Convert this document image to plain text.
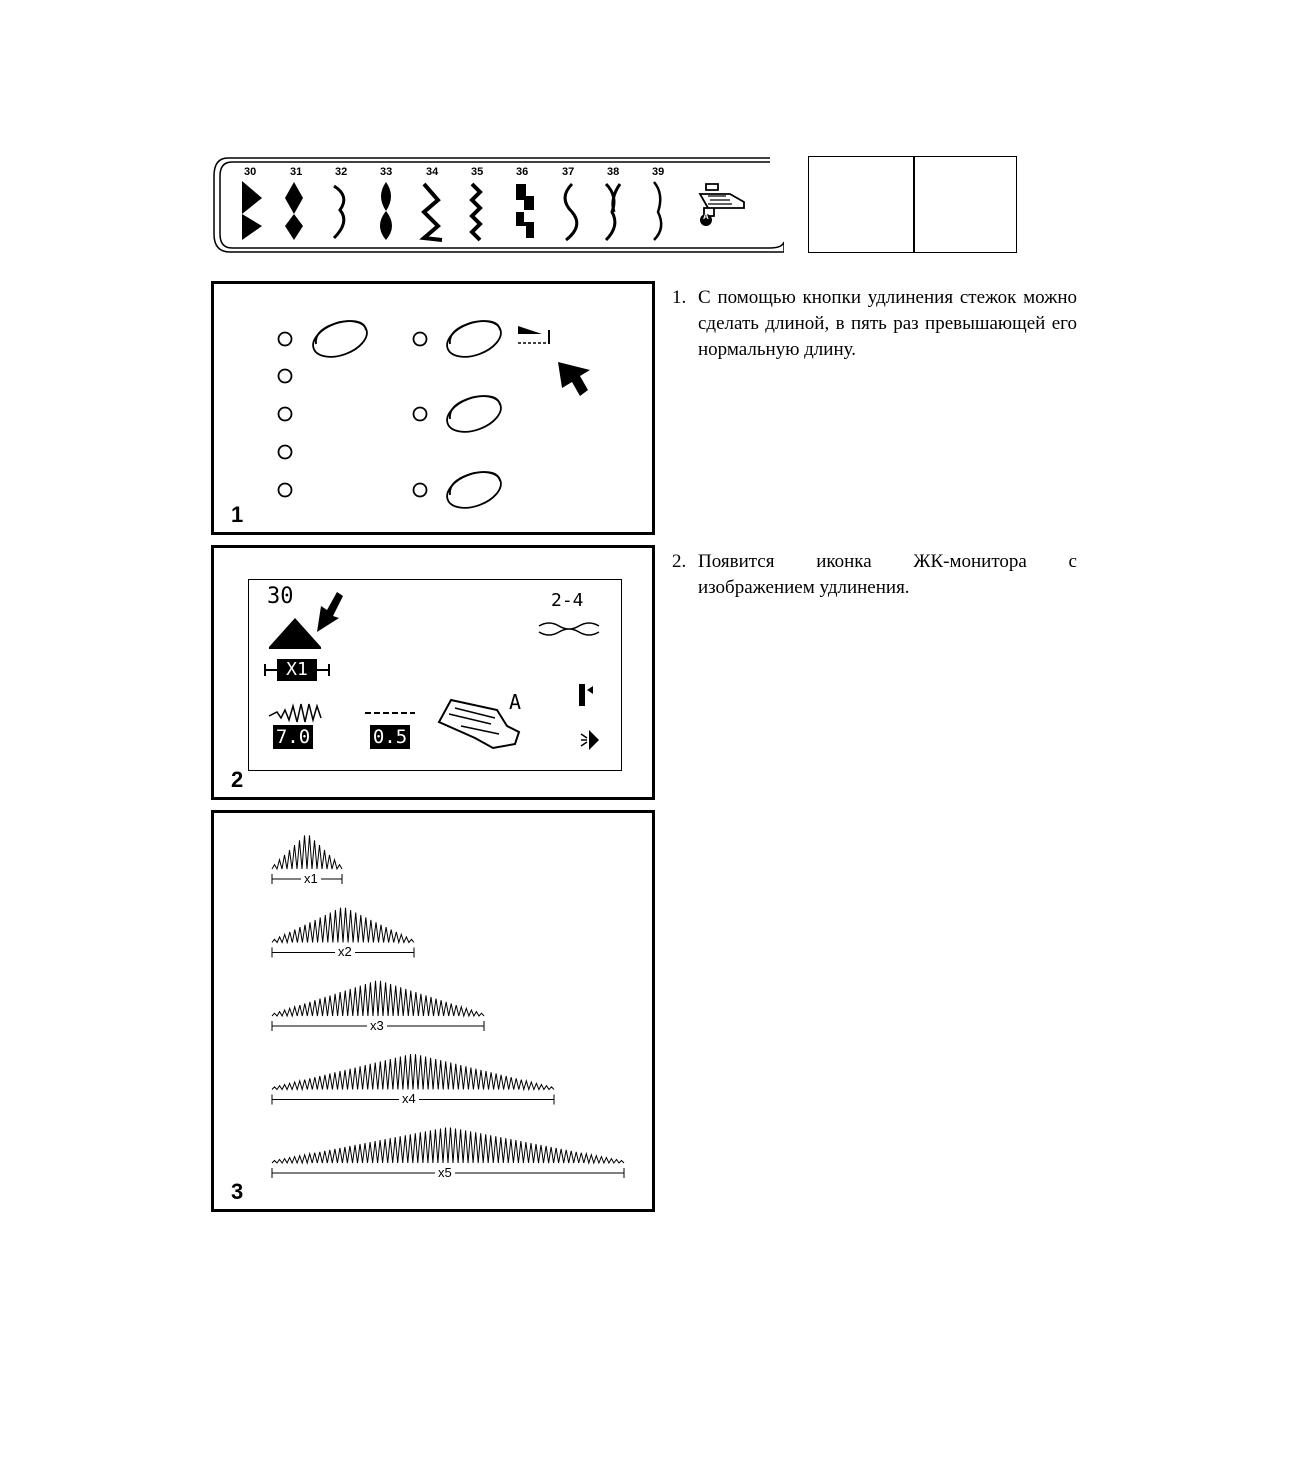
30	31	32	33	34	35	36	37	38	39
A
1
30	2-4
A
X1
7.0	0.5
2
x1
x2
x3
x4
x5
3
1. С помощью кнопки удлинения стежок можно сделать длиной, в пять раз превышающей его нормальную длину.
2. Появится иконка ЖК-монитора с изображением удлинения.
